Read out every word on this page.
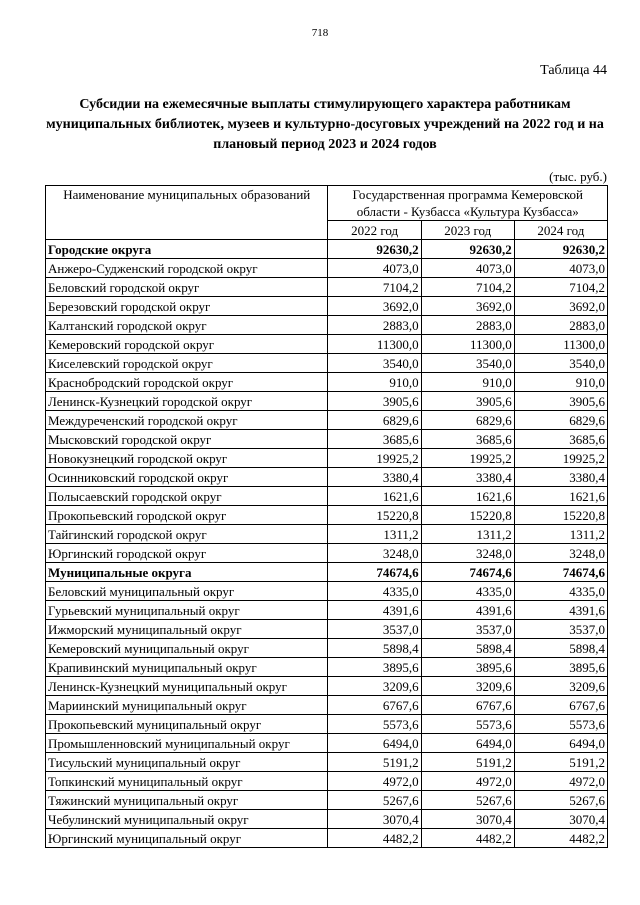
718
Таблица 44
Субсидии на ежемесячные выплаты стимулирующего характера работникам муниципальных библиотек, музеев и культурно-досуговых учреждений на 2022 год и на плановый период 2023 и 2024 годов
(тыс. руб.)
Наименование муниципальных образований	Государственная программа Кемеровской области - Кузбасса «Культура Кузбасса»		
	2022 год	2023 год	2024 год
Городские округа	92630,2	92630,2	92630,2
Анжеро-Судженский городской округ	4073,0	4073,0	4073,0
Беловский городской округ	7104,2	7104,2	7104,2
Березовский городской округ	3692,0	3692,0	3692,0
Калтанский городской округ	2883,0	2883,0	2883,0
Кемеровский городской округ	11300,0	11300,0	11300,0
Киселевский городской округ	3540,0	3540,0	3540,0
Краснобродский городской округ	910,0	910,0	910,0
Ленинск-Кузнецкий городской округ	3905,6	3905,6	3905,6
Междуреченский городской округ	6829,6	6829,6	6829,6
Мысковский городской округ	3685,6	3685,6	3685,6
Новокузнецкий городской округ	19925,2	19925,2	19925,2
Осинниковский городской округ	3380,4	3380,4	3380,4
Полысаевский городской округ	1621,6	1621,6	1621,6
Прокопьевский городской округ	15220,8	15220,8	15220,8
Тайгинский городской округ	1311,2	1311,2	1311,2
Юргинский городской округ	3248,0	3248,0	3248,0
Муниципальные округа	74674,6	74674,6	74674,6
Беловский муниципальный округ	4335,0	4335,0	4335,0
Гурьевский муниципальный округ	4391,6	4391,6	4391,6
Ижморский муниципальный округ	3537,0	3537,0	3537,0
Кемеровский муниципальный округ	5898,4	5898,4	5898,4
Крапивинский муниципальный округ	3895,6	3895,6	3895,6
Ленинск-Кузнецкий муниципальный округ	3209,6	3209,6	3209,6
Мариинский муниципальный округ	6767,6	6767,6	6767,6
Прокопьевский муниципальный округ	5573,6	5573,6	5573,6
Промышленновский муниципальный округ	6494,0	6494,0	6494,0
Тисульский муниципальный округ	5191,2	5191,2	5191,2
Топкинский муниципальный округ	4972,0	4972,0	4972,0
Тяжинский муниципальный округ	5267,6	5267,6	5267,6
Чебулинский муниципальный округ	3070,4	3070,4	3070,4
Юргинский муниципальный округ	4482,2	4482,2	4482,2
